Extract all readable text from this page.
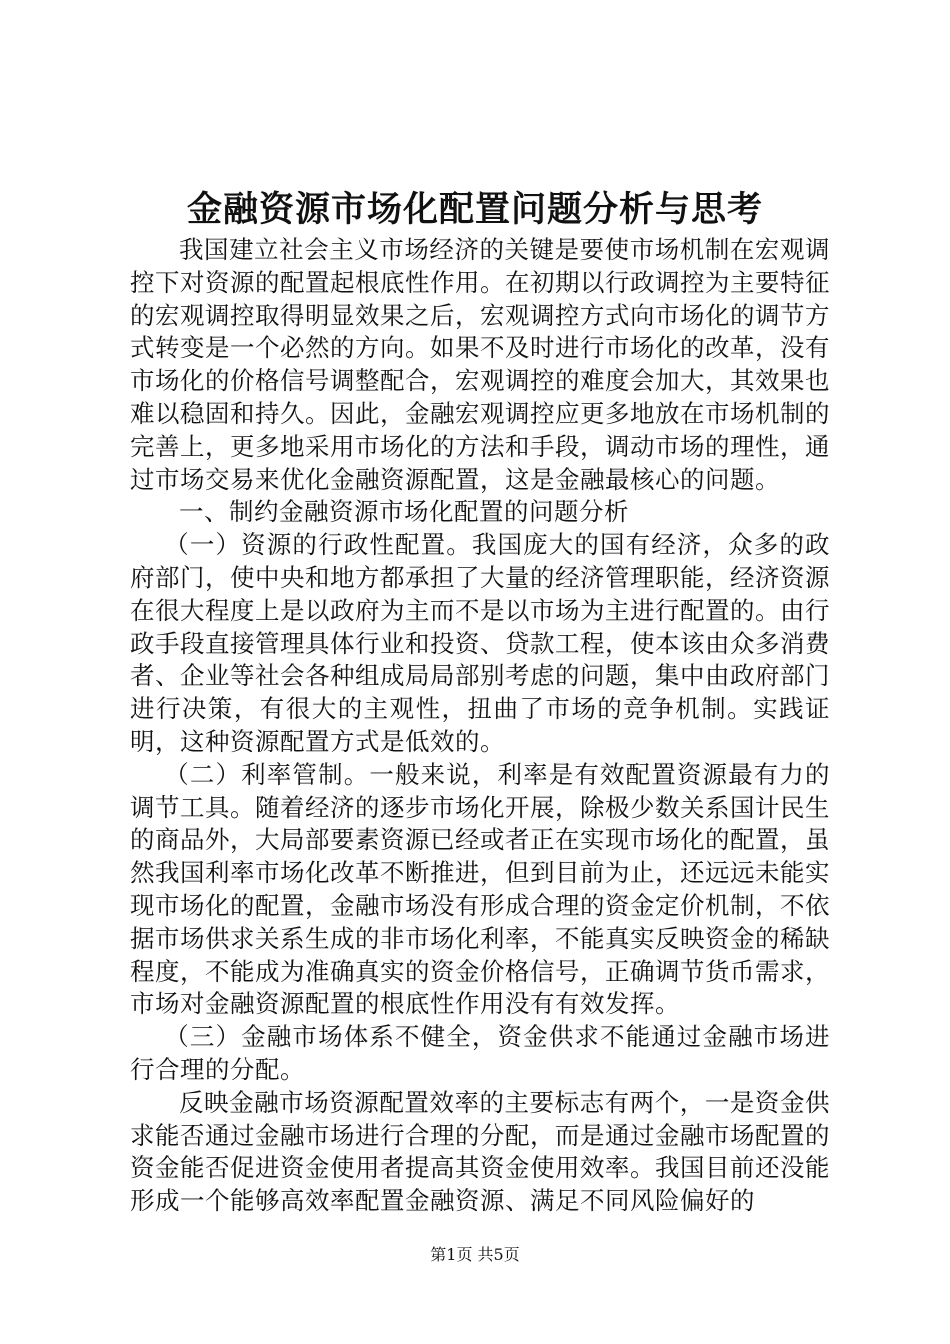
金融资源市场化配置问题分析与思考

我国建立社会主义市场经济的关键是要使市场机制在宏观调控下对资源的配置起根底性作用。在初期以行政调控为主要特征的宏观调控取得明显效果之后，宏观调控方式向市场化的调节方式转变是一个必然的方向。如果不及时进行市场化的改革，没有市场化的价格信号调整配合，宏观调控的难度会加大，其效果也难以稳固和持久。因此，金融宏观调控应更多地放在市场机制的完善上，更多地采用市场化的方法和手段，调动市场的理性，通过市场交易来优化金融资源配置，这是金融最核心的问题。

一、制约金融资源市场化配置的问题分析

（一）资源的行政性配置。我国庞大的国有经济，众多的政府部门，使中央和地方都承担了大量的经济管理职能，经济资源在很大程度上是以政府为主而不是以市场为主进行配置的。由行政手段直接管理具体行业和投资、贷款工程，使本该由众多消费者、企业等社会各种组成局局部别考虑的问题，集中由政府部门进行决策，有很大的主观性，扭曲了市场的竞争机制。实践证明，这种资源配置方式是低效的。

（二）利率管制。一般来说，利率是有效配置资源最有力的调节工具。随着经济的逐步市场化开展，除极少数关系国计民生的商品外，大局部要素资源已经或者正在实现市场化的配置，虽然我国利率市场化改革不断推进，但到目前为止，还远远未能实现市场化的配置，金融市场没有形成合理的资金定价机制，不依据市场供求关系生成的非市场化利率，不能真实反映资金的稀缺程度，不能成为准确真实的资金价格信号，正确调节货币需求，市场对金融资源配置的根底性作用没有有效发挥。

（三）金融市场体系不健全，资金供求不能通过金融市场进行合理的分配。

反映金融市场资源配置效率的主要标志有两个，一是资金供求能否通过金融市场进行合理的分配，而是通过金融市场配置的资金能否促进资金使用者提高其资金使用效率。我国目前还没能形成一个能够高效率配置金融资源、满足不同风险偏好的

第1页 共5页
